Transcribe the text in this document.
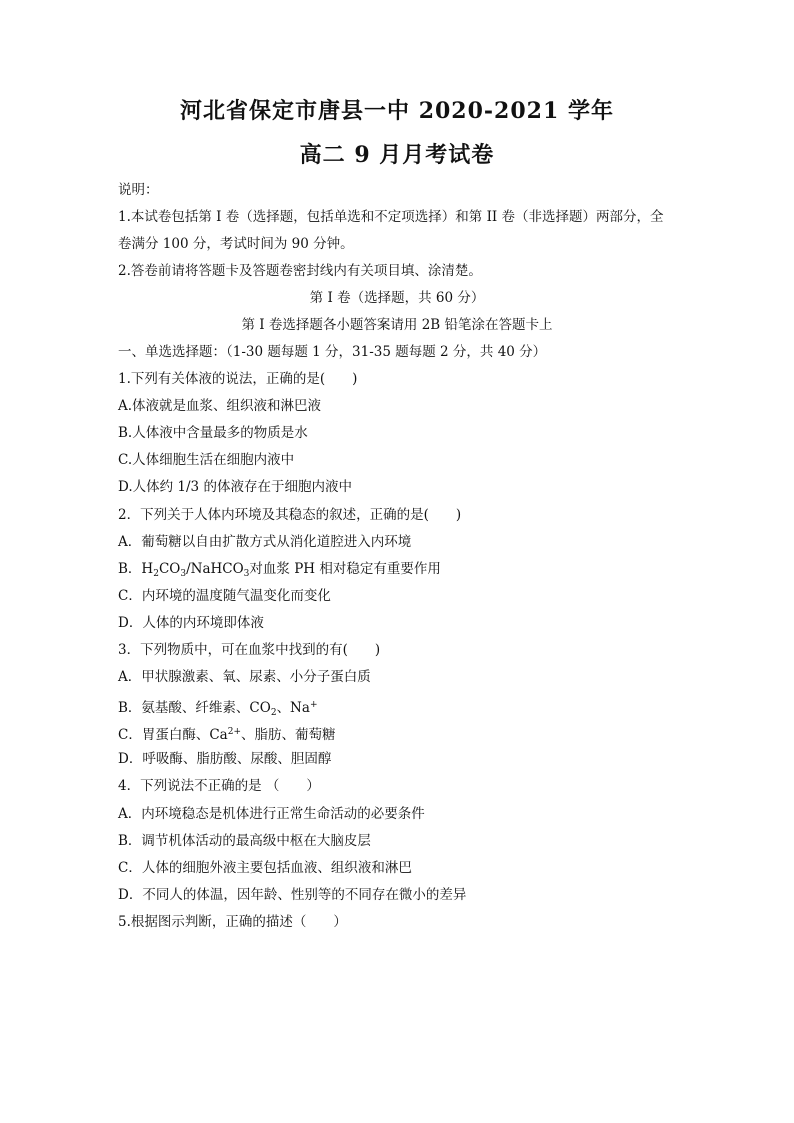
河北省保定市唐县一中 2020-2021 学年
高二 9 月月考试卷
说明：
1.本试卷包括第 I 卷（选择题，包括单选和不定项选择）和第 II 卷（非选择题）两部分，全
卷满分 100 分，考试时间为 90 分钟。
2.答卷前请将答题卡及答题卷密封线内有关项目填、涂清楚。
第 I 卷（选择题，共 60 分）
第 I 卷选择题各小题答案请用 2B 铅笔涂在答题卡上
一、单选选择题：（1-30 题每题 1 分，31-35 题每题 2 分，共 40 分）
1.下列有关体液的说法，正确的是(　　)
A.体液就是血浆、组织液和淋巴液
B.人体液中含量最多的物质是水
C.人体细胞生活在细胞内液中
D.人体约 1/3 的体液存在于细胞内液中
2．下列关于人体内环境及其稳态的叙述，正确的是(　　)
A．葡萄糖以自由扩散方式从消化道腔进入内环境
B．$H_2CO_3/NaHCO_3$对血浆 PH 相对稳定有重要作用
C．内环境的温度随气温变化而变化
D．人体的内环境即体液
3．下列物质中，可在血浆中找到的有(　　)
A．甲状腺激素、氧、尿素、小分子蛋白质
B．氨基酸、纤维素、$CO_2$、Na+
C．胃蛋白酶、$Ca^{2+}$、脂肪、葡萄糖
D．呼吸酶、脂肪酸、尿酸、胆固醇
4．下列说法不正确的是 （　　）
A．内环境稳态是机体进行正常生命活动的必要条件
B．调节机体活动的最高级中枢在大脑皮层
C．人体的细胞外液主要包括血液、组织液和淋巴
D．不同人的体温，因年龄、性别等的不同存在微小的差异
5.根据图示判断，正确的描述（　　）
